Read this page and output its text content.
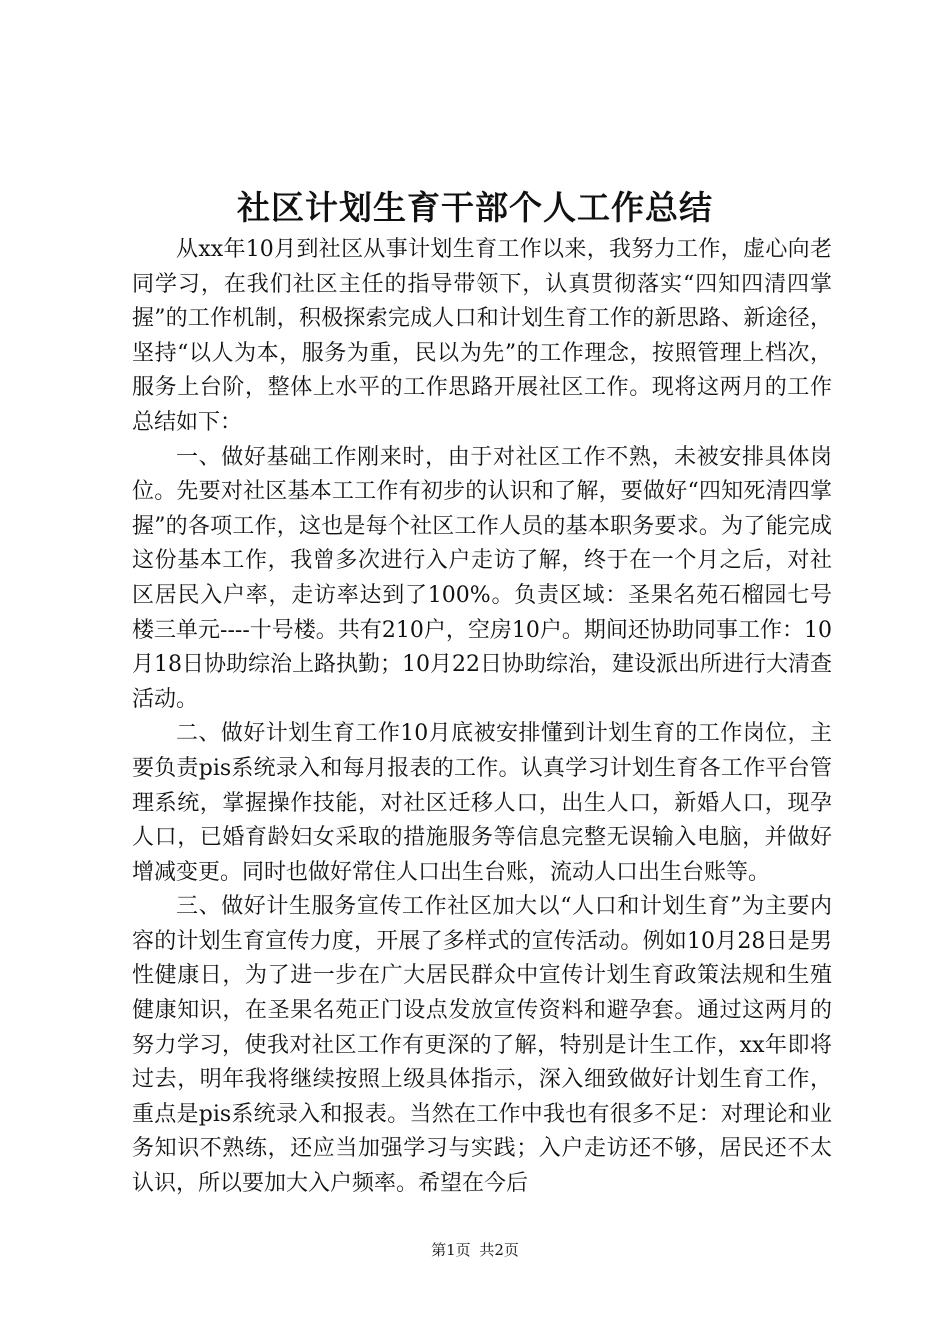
社区计划生育干部个人工作总结

从xx年10月到社区从事计划生育工作以来，我努力工作，虚心向老同学习，在我们社区主任的指导带领下，认真贯彻落实“四知四清四掌握”的工作机制，积极探索完成人口和计划生育工作的新思路、新途径，坚持“以人为本，服务为重，民以为先”的工作理念，按照管理上档次，服务上台阶，整体上水平的工作思路开展社区工作。现将这两月的工作总结如下：

一、做好基础工作刚来时，由于对社区工作不熟，未被安排具体岗位。先要对社区基本工工作有初步的认识和了解，要做好“四知死清四掌握”的各项工作，这也是每个社区工作人员的基本职务要求。为了能完成这份基本工作，我曾多次进行入户走访了解，终于在一个月之后，对社区居民入户率，走访率达到了100%。负责区域：圣果名苑石榴园七号楼三单元----十号楼。共有210户，空房10户。期间还协助同事工作：10月18日协助综治上路执勤；10月22日协助综治，建设派出所进行大清查活动。

二、做好计划生育工作10月底被安排懂到计划生育的工作岗位，主要负责pis系统录入和每月报表的工作。认真学习计划生育各工作平台管理系统，掌握操作技能，对社区迁移人口，出生人口，新婚人口，现孕人口，已婚育龄妇女采取的措施服务等信息完整无误输入电脑，并做好增减变更。同时也做好常住人口出生台账，流动人口出生台账等。

三、做好计生服务宣传工作社区加大以“人口和计划生育”为主要内容的计划生育宣传力度，开展了多样式的宣传活动。例如10月28日是男性健康日，为了进一步在广大居民群众中宣传计划生育政策法规和生殖健康知识，在圣果名苑正门设点发放宣传资料和避孕套。通过这两月的努力学习，使我对社区工作有更深的了解，特别是计生工作，xx年即将过去，明年我将继续按照上级具体指示，深入细致做好计划生育工作，重点是pis系统录入和报表。当然在工作中我也有很多不足：对理论和业务知识不熟练，还应当加强学习与实践；入户走访还不够，居民还不太认识，所以要加大入户频率。希望在今后

第1页 共2页
